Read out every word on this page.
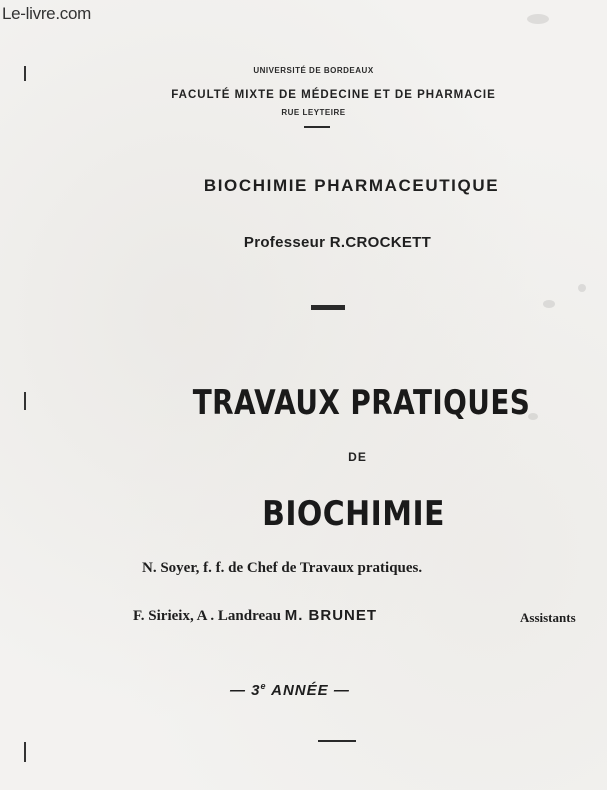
Le-livre.com
UNIVERSITÉ DE BORDEAUX
FACULTÉ MIXTE DE MÉDECINE ET DE PHARMACIE
RUE LEYTEIRE
BIOCHIMIE PHARMACEUTIQUE
Professeur R.CROCKETT
TRAVAUX PRATIQUES
DE
BIOCHIMIE
N. Soyer, f. f. de Chef de Travaux pratiques.
F. Sirieix, A . Landreau M. BRUNET	Assistants
— 3e ANNÉE —
